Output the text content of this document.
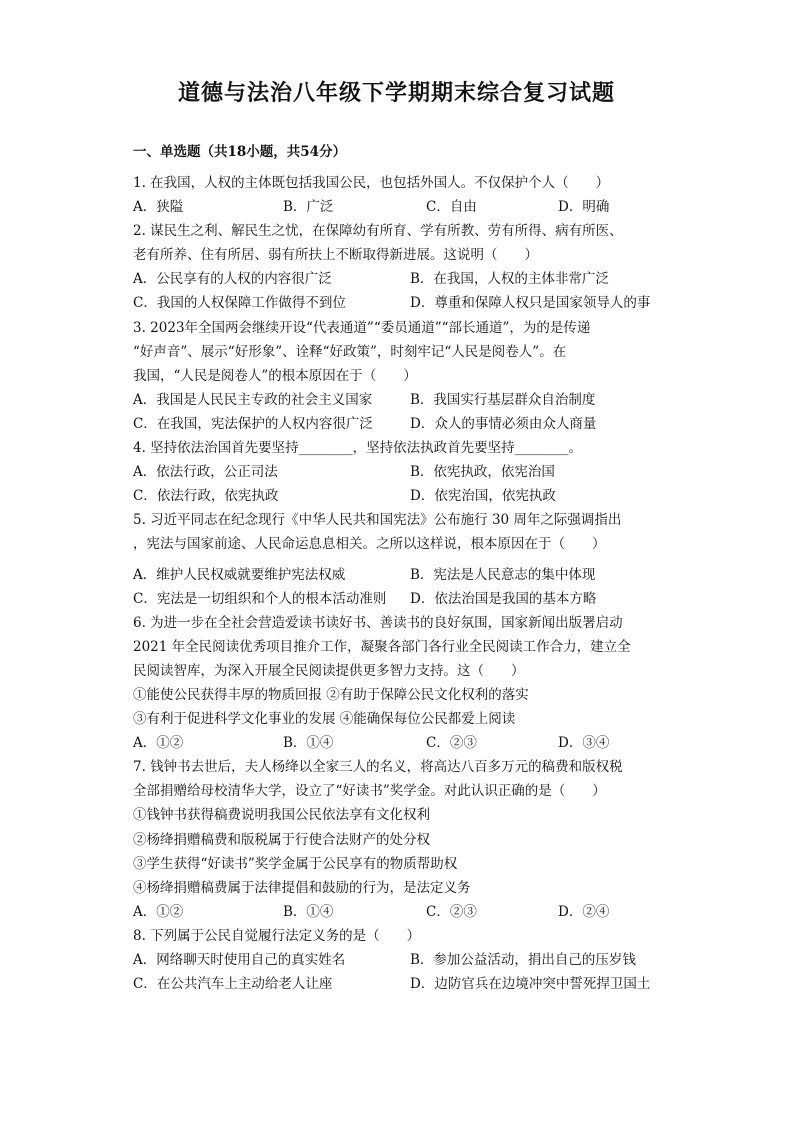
道德与法治八年级下学期期末综合复习试题
一、单选题（共18小题，共54分）
1. 在我国，人权的主体既包括我国公民，也包括外国人。不仅保护个人（　　）
A．狭隘	B．广泛	C．自由	D．明确
2. 谋民生之利、解民生之忧，在保障幼有所育、学有所教、劳有所得、病有所医、
老有所养、住有所居、弱有所扶上不断取得新进展。这说明（　　）
A．公民享有的人权的内容很广泛	B．在我国，人权的主体非常广泛
C．我国的人权保障工作做得不到位	D．尊重和保障人权只是国家领导人的事
3. 2023年全国两会继续开设“代表通道”“委员通道”“部长通道”，为的是传递
“好声音”、展示“好形象”、诠释“好政策”，时刻牢记“人民是阅卷人”。在
我国，“人民是阅卷人”的根本原因在于（　　）
A．我国是人民民主专政的社会主义国家	B．我国实行基层群众自治制度
C．在我国，宪法保护的人权内容很广泛	D．众人的事情必须由众人商量
4. 坚持依法治国首先要坚持________，坚持依法执政首先要坚持________。
A．依法行政，公正司法	B．依宪执政，依宪治国
C．依法行政，依宪执政	D．依宪治国，依宪执政
5. 习近平同志在纪念现行《中华人民共和国宪法》公布施行 30 周年之际强调指出
，宪法与国家前途、人民命运息息相关。之所以这样说，根本原因在于（　　）
A．维护人民权威就要维护宪法权威	B．宪法是人民意志的集中体现
C．宪法是一切组织和个人的根本活动准则 D．依法治国是我国的基本方略
6. 为进一步在全社会营造爱读书读好书、善读书的良好氛围，国家新闻出版署启动
2021 年全民阅读优秀项目推介工作，凝聚各部门各行业全民阅读工作合力，建立全
民阅读智库，为深入开展全民阅读提供更多智力支持。这（　　）
①能使公民获得丰厚的物质回报 ②有助于保障公民文化权利的落实
③有利于促进科学文化事业的发展 ④能确保每位公民都爱上阅读
A．①②	B．①④	C．②③	D．③④
7. 钱钟书去世后，夫人杨绛以全家三人的名义，将高达八百多万元的稿费和版权税
全部捐赠给母校清华大学，设立了“好读书”奖学金。对此认识正确的是（　　）
①钱钟书获得稿费说明我国公民依法享有文化权利
②杨绛捐赠稿费和版税属于行使合法财产的处分权
③学生获得“好读书”奖学金属于公民享有的物质帮助权
④杨绛捐赠稿费属于法律提倡和鼓励的行为，是法定义务
A．①②	B．①④	C．②③	D．②④
8. 下列属于公民自觉履行法定义务的是（　　）
A．网络聊天时使用自己的真实姓名	B．参加公益活动，捐出自己的压岁钱
C．在公共汽车上主动给老人让座	D．边防官兵在边境冲突中誓死捍卫国土
